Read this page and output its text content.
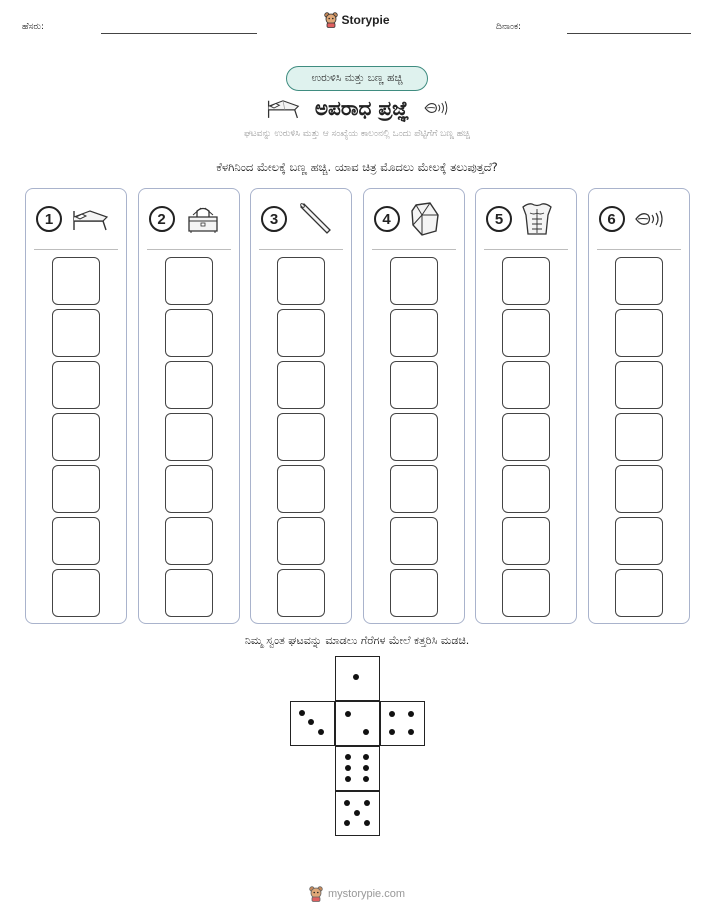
ಹೆಸರು:	Storypie	ದಿನಾಂಕ:
ಉರುಳಿಸಿ ಮತ್ತು ಬಣ್ಣ ಹಚ್ಚಿ
ಅಪರಾಧ ಪ್ರಜ್ಞೆ
ಘಟವನ್ನು ಉರುಳಿಸಿ ಮತ್ತು ಆ ಸಂಖ್ಯೆಯ ಕಾಲಂನಲ್ಲಿ ಒಂದು ಪೆಟ್ಟಿಗೆಗೆ ಬಣ್ಣ ಹಚ್ಚಿ
ಕೆಳಗಿನಿಂದ ಮೇಲಕ್ಕೆ ಬಣ್ಣ ಹಚ್ಚಿ. ಯಾವ ಚಿತ್ರ ಮೊದಲು ಮೇಲಕ್ಕೆ ತಲುಪುತ್ತದೆ?
1	2	3	4	5	6
ನಿಮ್ಮ ಸ್ವಂತ ಘಟವನ್ನು ಮಾಡಲು ಗೆರೆಗಳ ಮೇಲೆ ಕತ್ತರಿಸಿ ಮಡಚಿ.
mystorypie.com
